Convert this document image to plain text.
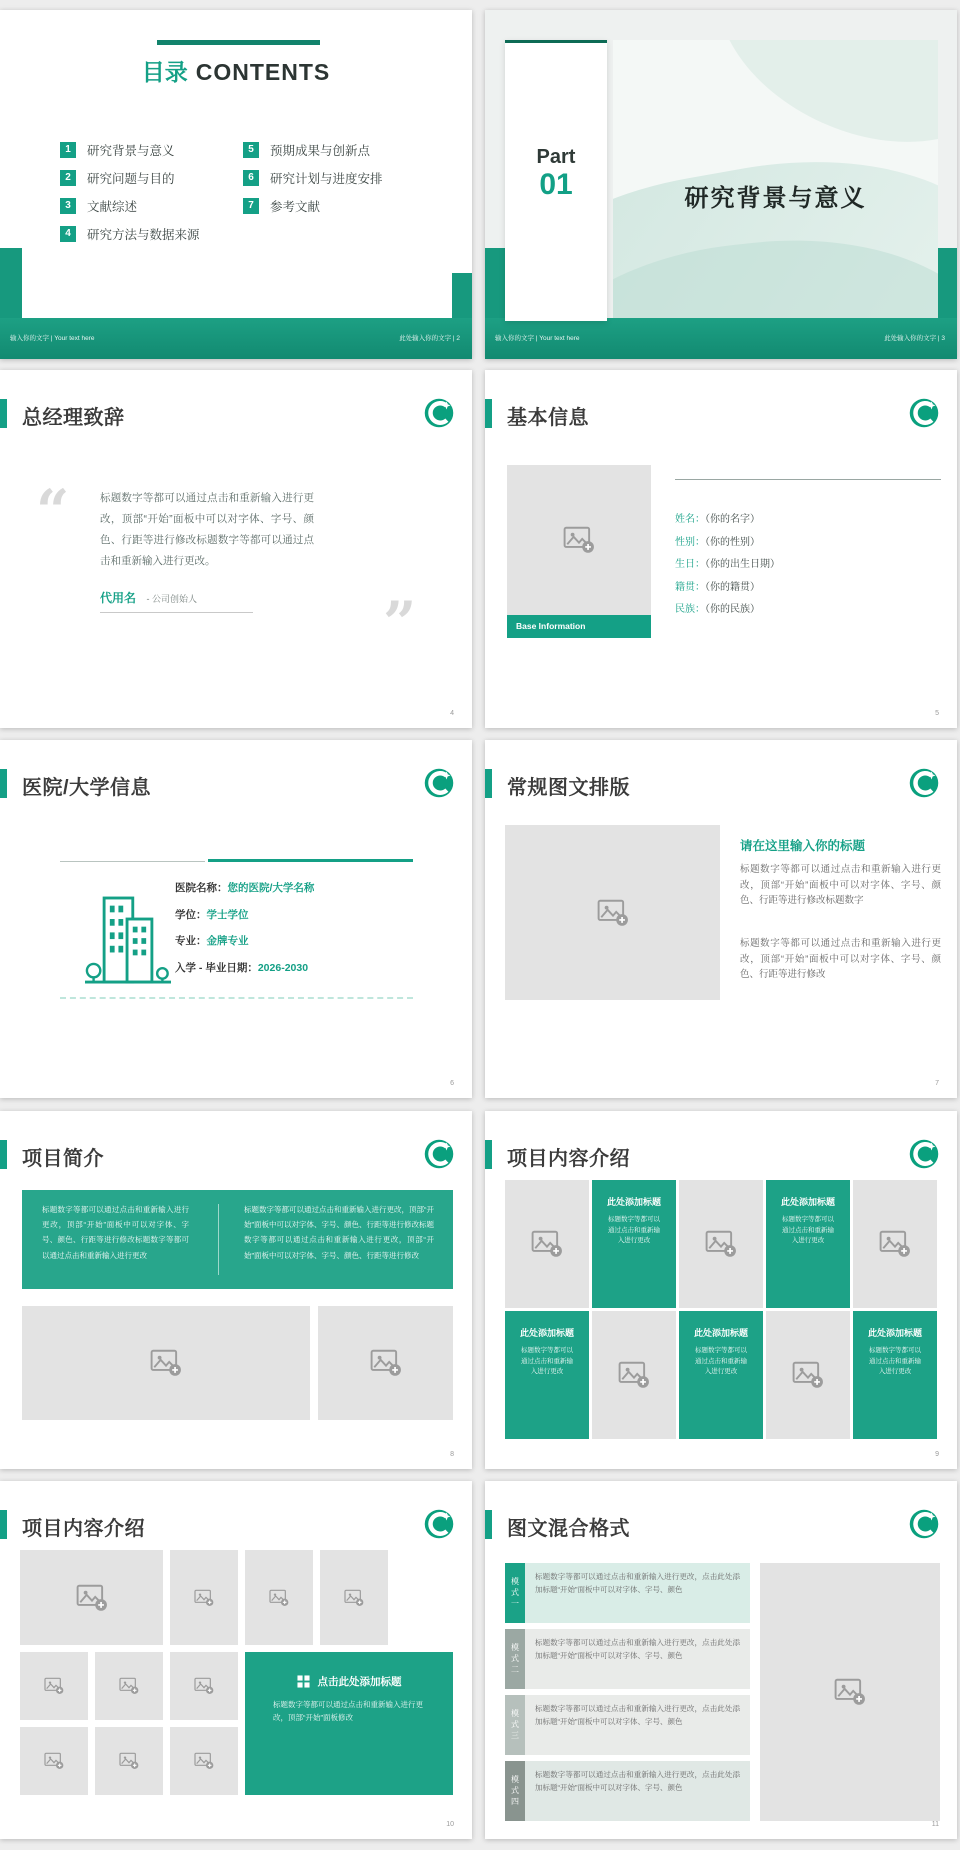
目录 CONTENTS
1	研究背景与意义
2	研究问题与目的
3	文献综述
4	研究方法与数据来源
5	预期成果与创新点
6	研究计划与进度安排
7	参考文献
输入你的文字 | Your text here	此处输入你的文字 | 2
研究背景与意义
Part
01
输入你的文字 | Your text here	此处输入你的文字 | 3
总经理致辞
“	标题数字等都可以通过点击和重新输入进行更改，顶部“开始”面板中可以对字体、字号、颜色、行距等进行修改标题数字等都可以通过点击和重新输入进行更改。
代用名 - 公司创始人	”
4
基本信息
Base Information
姓名：（你的名字）
性别：（你的性别）
生日：（你的出生日期）
籍贯：（你的籍贯）
民族：（你的民族）
5
医院/大学信息
医院名称：您的医院/大学名称
学位：学士学位
专业：金牌专业
入学 - 毕业日期：2026-2030
6
常规图文排版
请在这里输入你的标题
标题数字等都可以通过点击和重新输入进行更改，顶部“开始”面板中可以对字体、字号、颜色、行距等进行修改标题数字
标题数字等都可以通过点击和重新输入进行更改，顶部“开始”面板中可以对字体、字号、颜色、行距等进行修改
7
项目简介
标题数字等都可以通过点击和重新输入进行更改，顶部“开始”面板中可以对字体、字号、颜色、行距等进行修改标题数字等都可以通过点击和重新输入进行更改
标题数字等都可以通过点击和重新输入进行更改，顶部“开始”面板中可以对字体、字号、颜色、行距等进行修改标题数字等都可以通过点击和重新输入进行更改，顶部“开始”面板中可以对字体、字号、颜色、行距等进行修改
8
项目内容介绍
此处添加标题
标题数字等都可以通过点击和重新输入进行更改
此处添加标题
标题数字等都可以通过点击和重新输入进行更改
此处添加标题
标题数字等都可以通过点击和重新输入进行更改
此处添加标题
标题数字等都可以通过点击和重新输入进行更改
此处添加标题
标题数字等都可以通过点击和重新输入进行更改
9
项目内容介绍
点击此处添加标题
标题数字等都可以通过点击和重新输入进行更改，顶部“开始”面板修改
10
图文混合格式
模式一	标题数字等都可以通过点击和重新输入进行更改，点击此处添加标题“开始”面板中可以对字体、字号、颜色
模式二	标题数字等都可以通过点击和重新输入进行更改，点击此处添加标题“开始”面板中可以对字体、字号、颜色
模式三	标题数字等都可以通过点击和重新输入进行更改，点击此处添加标题“开始”面板中可以对字体、字号、颜色
模式四	标题数字等都可以通过点击和重新输入进行更改，点击此处添加标题“开始”面板中可以对字体、字号、颜色
11
